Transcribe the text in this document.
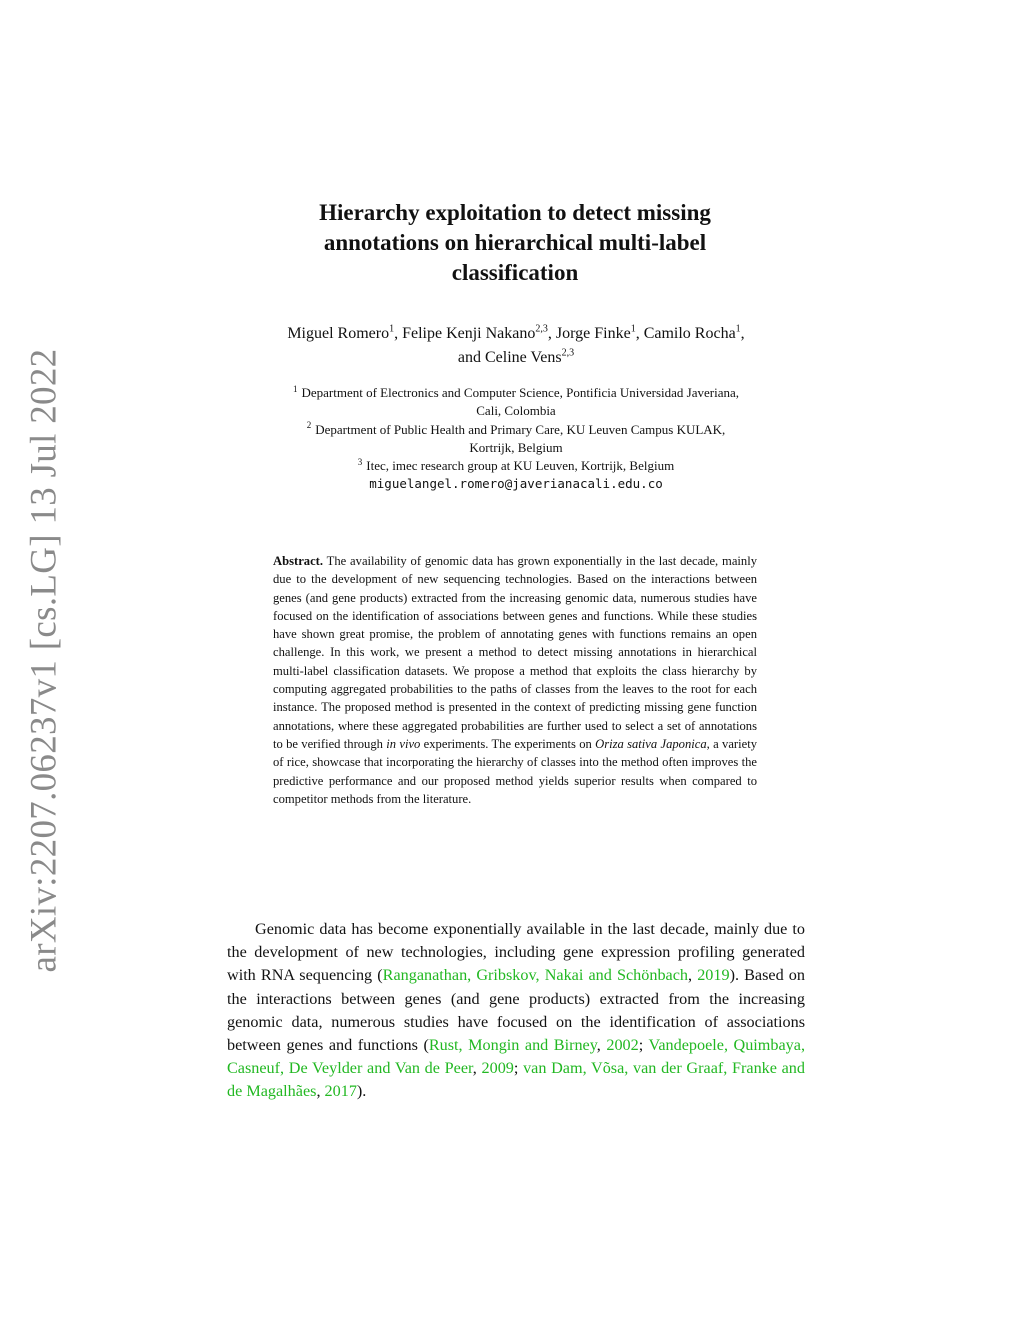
arXiv:2207.06237v1 [cs.LG] 13 Jul 2022
Hierarchy exploitation to detect missing
annotations on hierarchical multi-label
classification
Miguel Romero$^1$, Felipe Kenji Nakano$^{2,3}$, Jorge Finke$^1$, Camilo Rocha$^1$,
and Celine Vens$^{2,3}$
$^1$ Department of Electronics and Computer Science, Pontificia Universidad Javeriana,
Cali, Colombia
$^2$ Department of Public Health and Primary Care, KU Leuven Campus KULAK,
Kortrijk, Belgium
$^3$ Itec, imec research group at KU Leuven, Kortrijk, Belgium
miguelangel.romero@javerianacali.edu.co
Abstract. The availability of genomic data has grown exponentially in the last decade, mainly due to the development of new sequencing technologies. Based on the interactions between genes (and gene products) extracted from the increasing genomic data, numerous studies have focused on the identification of associations between genes and functions. While these studies have shown great promise, the problem of annotating genes with functions remains an open challenge. In this work, we present a method to detect missing annotations in hierarchical multi-label classification datasets. We propose a method that exploits the class hierarchy by computing aggregated probabilities to the paths of classes from the leaves to the root for each instance. The proposed method is presented in the context of predicting missing gene function annotations, where these aggregated probabilities are further used to select a set of annotations to be verified through in vivo experiments. The experiments on Oriza sativa Japonica, a variety of rice, showcase that incorporating the hierarchy of classes into the method often improves the predictive performance and our proposed method yields superior results when compared to competitor methods from the literature.
Genomic data has become exponentially available in the last decade, mainly due to the development of new technologies, including gene expression profiling generated with RNA sequencing (Ranganathan, Gribskov, Nakai and Schönbach, 2019). Based on the interactions between genes (and gene products) extracted from the increasing genomic data, numerous studies have focused on the identification of associations between genes and functions (Rust, Mongin and Birney, 2002; Vandepoele, Quimbaya, Casneuf, De Veylder and Van de Peer, 2009; van Dam, Võsa, van der Graaf, Franke and de Magalhães, 2017).
